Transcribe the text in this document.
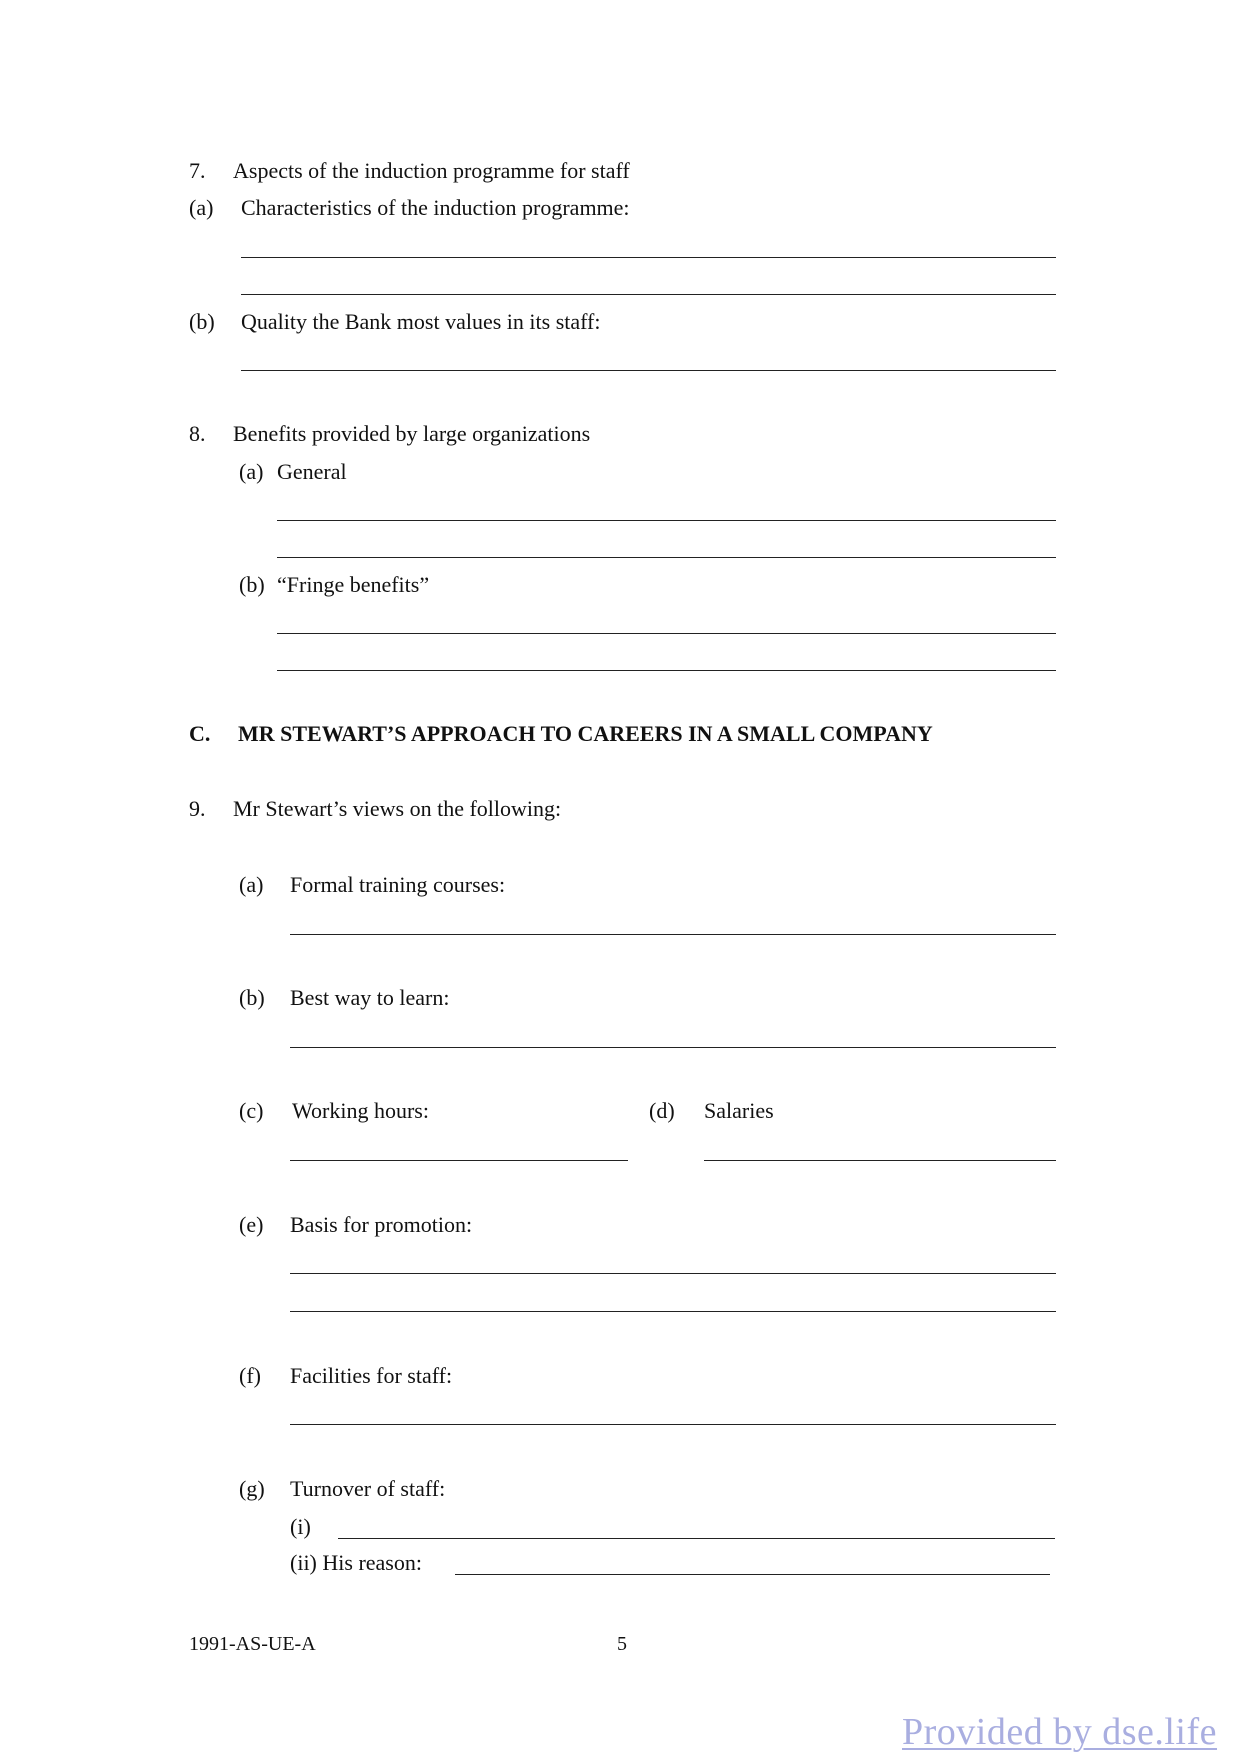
7. Aspects of the induction programme for staff
(a) Characteristics of the induction programme:
(b) Quality the Bank most values in its staff:
8. Benefits provided by large organizations
(a) General
(b) “Fringe benefits”
C. MR STEWART’S APPROACH TO CAREERS IN A SMALL COMPANY
9. Mr Stewart’s views on the following:
(a) Formal training courses:
(b) Best way to learn:
(c) Working hours:	(d) Salaries
(e) Basis for promotion:
(f) Facilities for staff:
(g) Turnover of staff:
(i)
(ii) His reason:
1991-AS-UE-A	5
Provided by dse.life
